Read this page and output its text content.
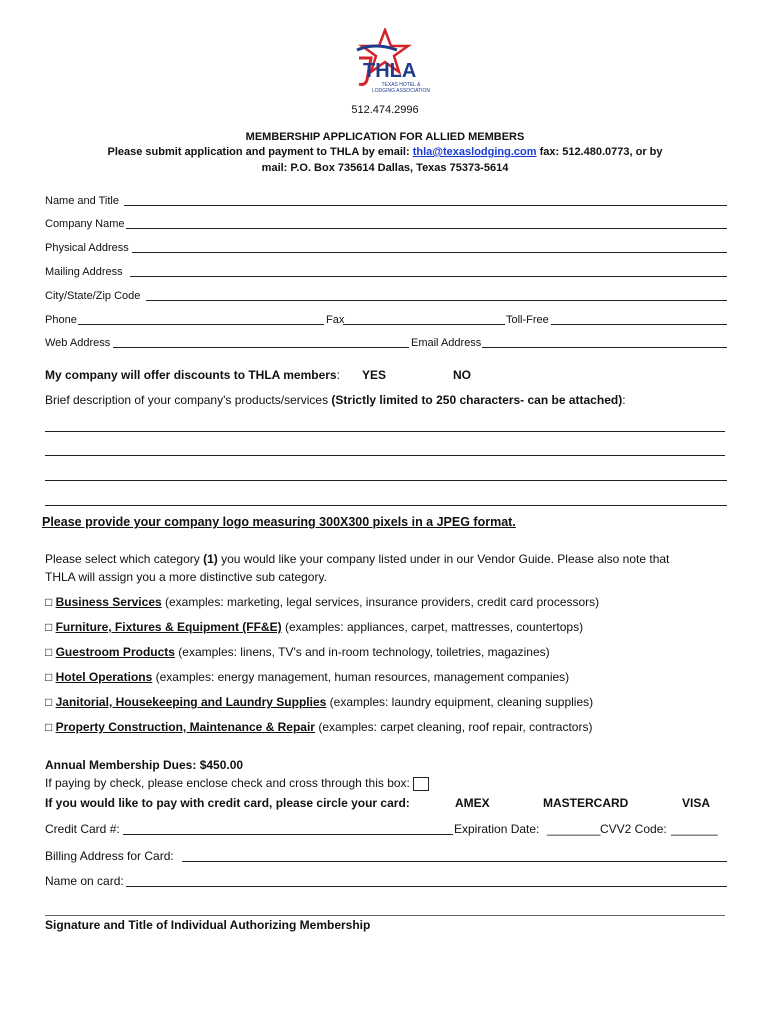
THLA
TEXAS HOTEL & LODGING ASSOCIATION
512.474.2996
MEMBERSHIP APPLICATION FOR ALLIED MEMBERS
Please submit application and payment to THLA by email: thla@texaslodging.com fax: 512.480.0773, or by
mail: P.O. Box 735614 Dallas, Texas 75373-5614
Name and Title
Company Name
Physical Address
Mailing Address
City/State/Zip Code
Phone	Fax	Toll-Free
Web Address	Email Address
My company will offer discounts to THLA members: YES	NO
Brief description of your company's products/services (Strictly limited to 250 characters- can be attached):
Please provide your company logo measuring 300X300 pixels in a JPEG format.
Please select which category (1) you would like your company listed under in our Vendor Guide. Please also note that
THLA will assign you a more distinctive sub category.
□ Business Services (examples: marketing, legal services, insurance providers, credit card processors)
□ Furniture, Fixtures & Equipment (FF&E) (examples: appliances, carpet, mattresses, countertops)
□ Guestroom Products (examples: linens, TV's and in-room technology, toiletries, magazines)
□ Hotel Operations (examples: energy management, human resources, management companies)
□ Janitorial, Housekeeping and Laundry Supplies (examples: laundry equipment, cleaning supplies)
□ Property Construction, Maintenance & Repair (examples: carpet cleaning, roof repair, contractors)
Annual Membership Dues: $450.00
If paying by check, please enclose check and cross through this box:
If you would like to pay with credit card, please circle your card:	AMEX	MASTERCARD	VISA
Credit Card #:	Expiration Date: ________ CVV2 Code: _______
Billing Address for Card:
Name on card:
Signature and Title of Individual Authorizing Membership
